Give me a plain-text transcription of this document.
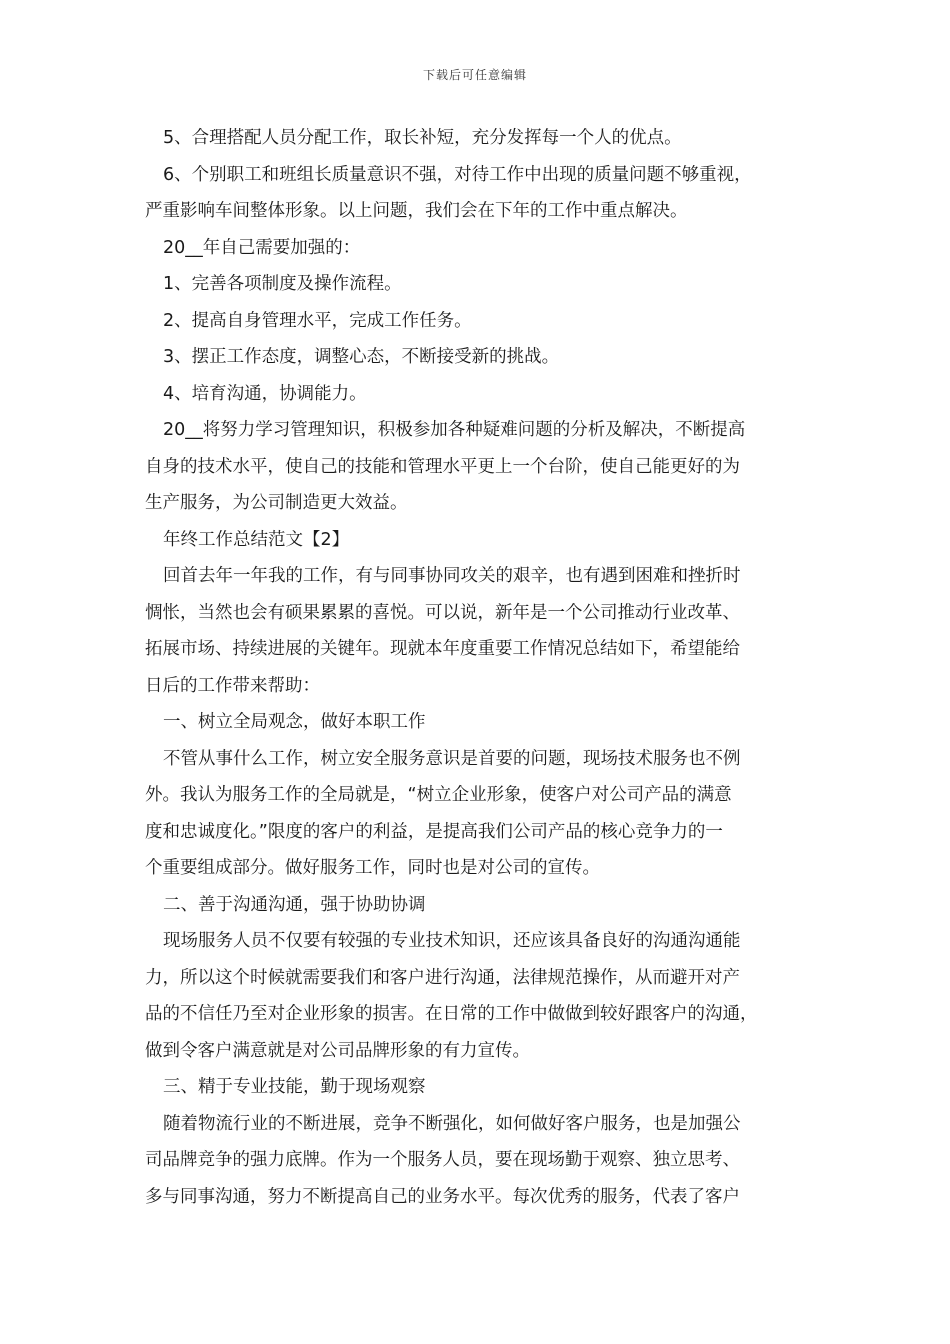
下载后可任意编辑
5、合理搭配人员分配工作，取长补短，充分发挥每一个人的优点。
6、个别职工和班组长质量意识不强，对待工作中出现的质量问题不够重视，
严重影响车间整体形象。以上问题，我们会在下年的工作中重点解决。
20__年自己需要加强的：
1、完善各项制度及操作流程。
2、提高自身管理水平，完成工作任务。
3、摆正工作态度，调整心态，不断接受新的挑战。
4、培育沟通，协调能力。
20__将努力学习管理知识，积极参加各种疑难问题的分析及解决，不断提高
自身的技术水平，使自己的技能和管理水平更上一个台阶，使自己能更好的为
生产服务，为公司制造更大效益。
年终工作总结范文【2】
回首去年一年我的工作，有与同事协同攻关的艰辛，也有遇到困难和挫折时
惆怅，当然也会有硕果累累的喜悦。可以说，新年是一个公司推动行业改革、
拓展市场、持续进展的关键年。现就本年度重要工作情况总结如下，希望能给
日后的工作带来帮助：
一、树立全局观念，做好本职工作
不管从事什么工作，树立安全服务意识是首要的问题，现场技术服务也不例
外。我认为服务工作的全局就是，“树立企业形象，使客户对公司产品的满意
度和忠诚度化。”限度的客户的利益，是提高我们公司产品的核心竞争力的一
个重要组成部分。做好服务工作，同时也是对公司的宣传。
二、善于沟通沟通，强于协助协调
现场服务人员不仅要有较强的专业技术知识，还应该具备良好的沟通沟通能
力，所以这个时候就需要我们和客户进行沟通，法律规范操作，从而避开对产
品的不信任乃至对企业形象的损害。在日常的工作中做做到较好跟客户的沟通，
做到令客户满意就是对公司品牌形象的有力宣传。
三、精于专业技能，勤于现场观察
随着物流行业的不断进展，竞争不断强化，如何做好客户服务，也是加强公
司品牌竞争的强力底牌。作为一个服务人员，要在现场勤于观察、独立思考、
多与同事沟通，努力不断提高自己的业务水平。每次优秀的服务，代表了客户
